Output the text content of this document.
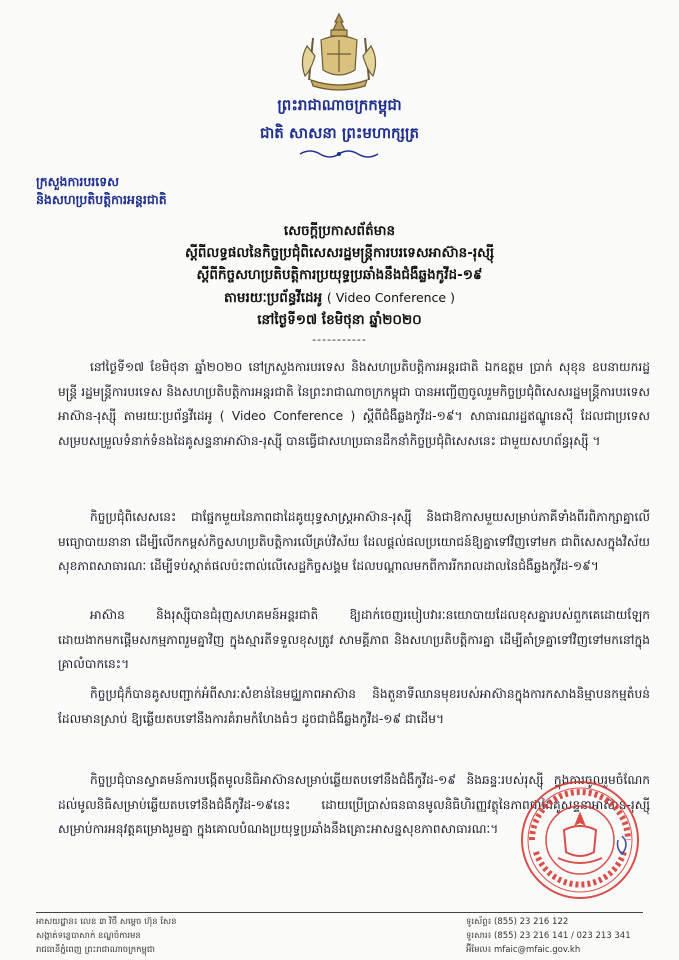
ព្រះរាជាណាចក្រកម្ពុជា
ជាតិ សាសនា ព្រះមហាក្សត្រ
ក្រសួងការបរទេស
និងសហប្រតិបត្តិការអន្តរជាតិ
សេចក្តីប្រកាសព័ត៌មាន
ស្តីពីលទ្ធផលនៃកិច្ចប្រជុំពិសេសរដ្ឋមន្ត្រីការបរទេសអាស៊ាន-រុស្ស៊ី
ស្តីពីកិច្ចសហប្រតិបត្តិការប្រយុទ្ធប្រឆាំងនឹងជំងឺឆ្លងកូវីដ-១៩
តាមរយៈប្រព័ន្ធវីដេអូ ( Video Conference )
នៅថ្ងៃទី១៧ ខែមិថុនា ឆ្នាំ២០២០
-----------

នៅថ្ងៃទី១៧ ខែមិថុនា ឆ្នាំ២០២០ នៅក្រសួងការបរទេស និងសហប្រតិបត្តិការអន្តរជាតិ ឯកឧត្តម ប្រាក់ សុខុន ឧបនាយករដ្ឋមន្ត្រី រដ្ឋមន្ត្រីការបរទេស និងសហប្រតិបត្តិការអន្តរជាតិ នៃព្រះរាជាណាចក្រកម្ពុជា បានអញ្ជើញចូលរួមកិច្ចប្រជុំពិសេសរដ្ឋមន្ត្រីការបរទេសអាស៊ាន-រុស្ស៊ី តាមរយៈប្រព័ន្ធវីដេអូ ( Video Conference ) ស្តីពីជំងឺឆ្លងកូវីដ-១៩។ សាធារណរដ្ឋឥណ្ឌូនេស៊ី ដែលជាប្រទេសសម្របសម្រួលទំនាក់ទំនងដៃគូសន្ទនាអាស៊ាន-រុស្ស៊ី បានធ្វើជាសហប្រធានដឹកនាំកិច្ចប្រជុំពិសេសនេះ ជាមួយសហព័ន្ធរុស្ស៊ី ។

កិច្ចប្រជុំពិសេសនេះ ជាផ្នែកមួយនៃភាពជាដៃគូយុទ្ធសាស្ត្រអាស៊ាន-រុស្ស៊ី និងជាឱកាសមួយសម្រាប់ភាគីទាំងពីរពិភាក្សាគ្នាលើមធ្យោបាយនានា ដើម្បីលើកកម្ពស់កិច្ចសហប្រតិបត្តិការលើគ្រប់វិស័យ ដែលផ្តល់ផលប្រយោជន៍ឱ្យគ្នាទៅវិញទៅមក ជាពិសេសក្នុងវិស័យសុខភាពសាធារណៈ ដើម្បីទប់ស្កាត់ផលប៉ះពាល់លើសេដ្ឋកិច្ចសង្គម ដែលបណ្តាលមកពីការរីករាលដាលនៃជំងឺឆ្លងកូវីដ-១៩។

អាស៊ាន និងរុស្ស៊ីបានជំរុញសហគមន៍អន្តរជាតិ ឱ្យដាក់ចេញរបៀបវារៈនយោបាយដែលខុសគ្នារបស់ពួកគេដោយឡែក ដោយងាកមកផ្តើមសកម្មភាពរួមគ្នាវិញ ក្នុងស្មារតីទទួលខុសត្រូវ សាមគ្គីភាព និងសហប្រតិបត្តិការគ្នា ដើម្បីគាំទ្រគ្នាទៅវិញទៅមកនៅក្នុងគ្រាលំបាកនេះ។

កិច្ចប្រជុំក៏បានគូសបញ្ជាក់អំពីសារៈសំខាន់នៃមជ្ឈភាពអាស៊ាន និងតួនាទីឈានមុខរបស់អាស៊ានក្នុងការកសាងនិម្មាបនកម្មតំបន់ដែលមានស្រាប់ ឱ្យឆ្លើយតបទៅនឹងការគំរាមកំហែងធំៗ ដូចជាជំងឺឆ្លងកូវីដ-១៩ ជាដើម។

កិច្ចប្រជុំបានស្វាគមន៍ការបង្កើតមូលនិធិអាស៊ានសម្រាប់ឆ្លើយតបទៅនឹងជំងឺកូវីដ-១៩ និងឆន្ទៈរបស់រុស្ស៊ី ក្នុងការចូលរួមចំណែកដល់មូលនិធិសម្រាប់ឆ្លើយតបទៅនឹងជំងឺកូវីដ-១៩នេះ ដោយប្រើប្រាស់ធនធានមូលនិធិហិរញ្ញវត្ថុនៃភាពជាដៃគូសន្ទនាអាស៊ាន-រុស្ស៊ី សម្រាប់ការអនុវត្តគម្រោងរួមគ្នា ក្នុងគោលបំណងប្រយុទ្ធប្រឆាំងនឹងគ្រោះអាសន្នសុខភាពសាធារណៈ។

អាសយដ្ឋាន៖ លេខ ៣ វិថី សម្តេច ហ៊ុន សែន
សង្កាត់ទន្លេបាសាក់ ខណ្ឌចំការមន
រាជធានីភ្នំពេញ ព្រះរាជាណាចក្រកម្ពុជា
ទូរស័ព្ទ៖ (855) 23 216 122
ទូរសារ៖ (855) 23 216 141 / 023 213 341
អ៊ីមែល៖ mfaic@mfaic.gov.kh
